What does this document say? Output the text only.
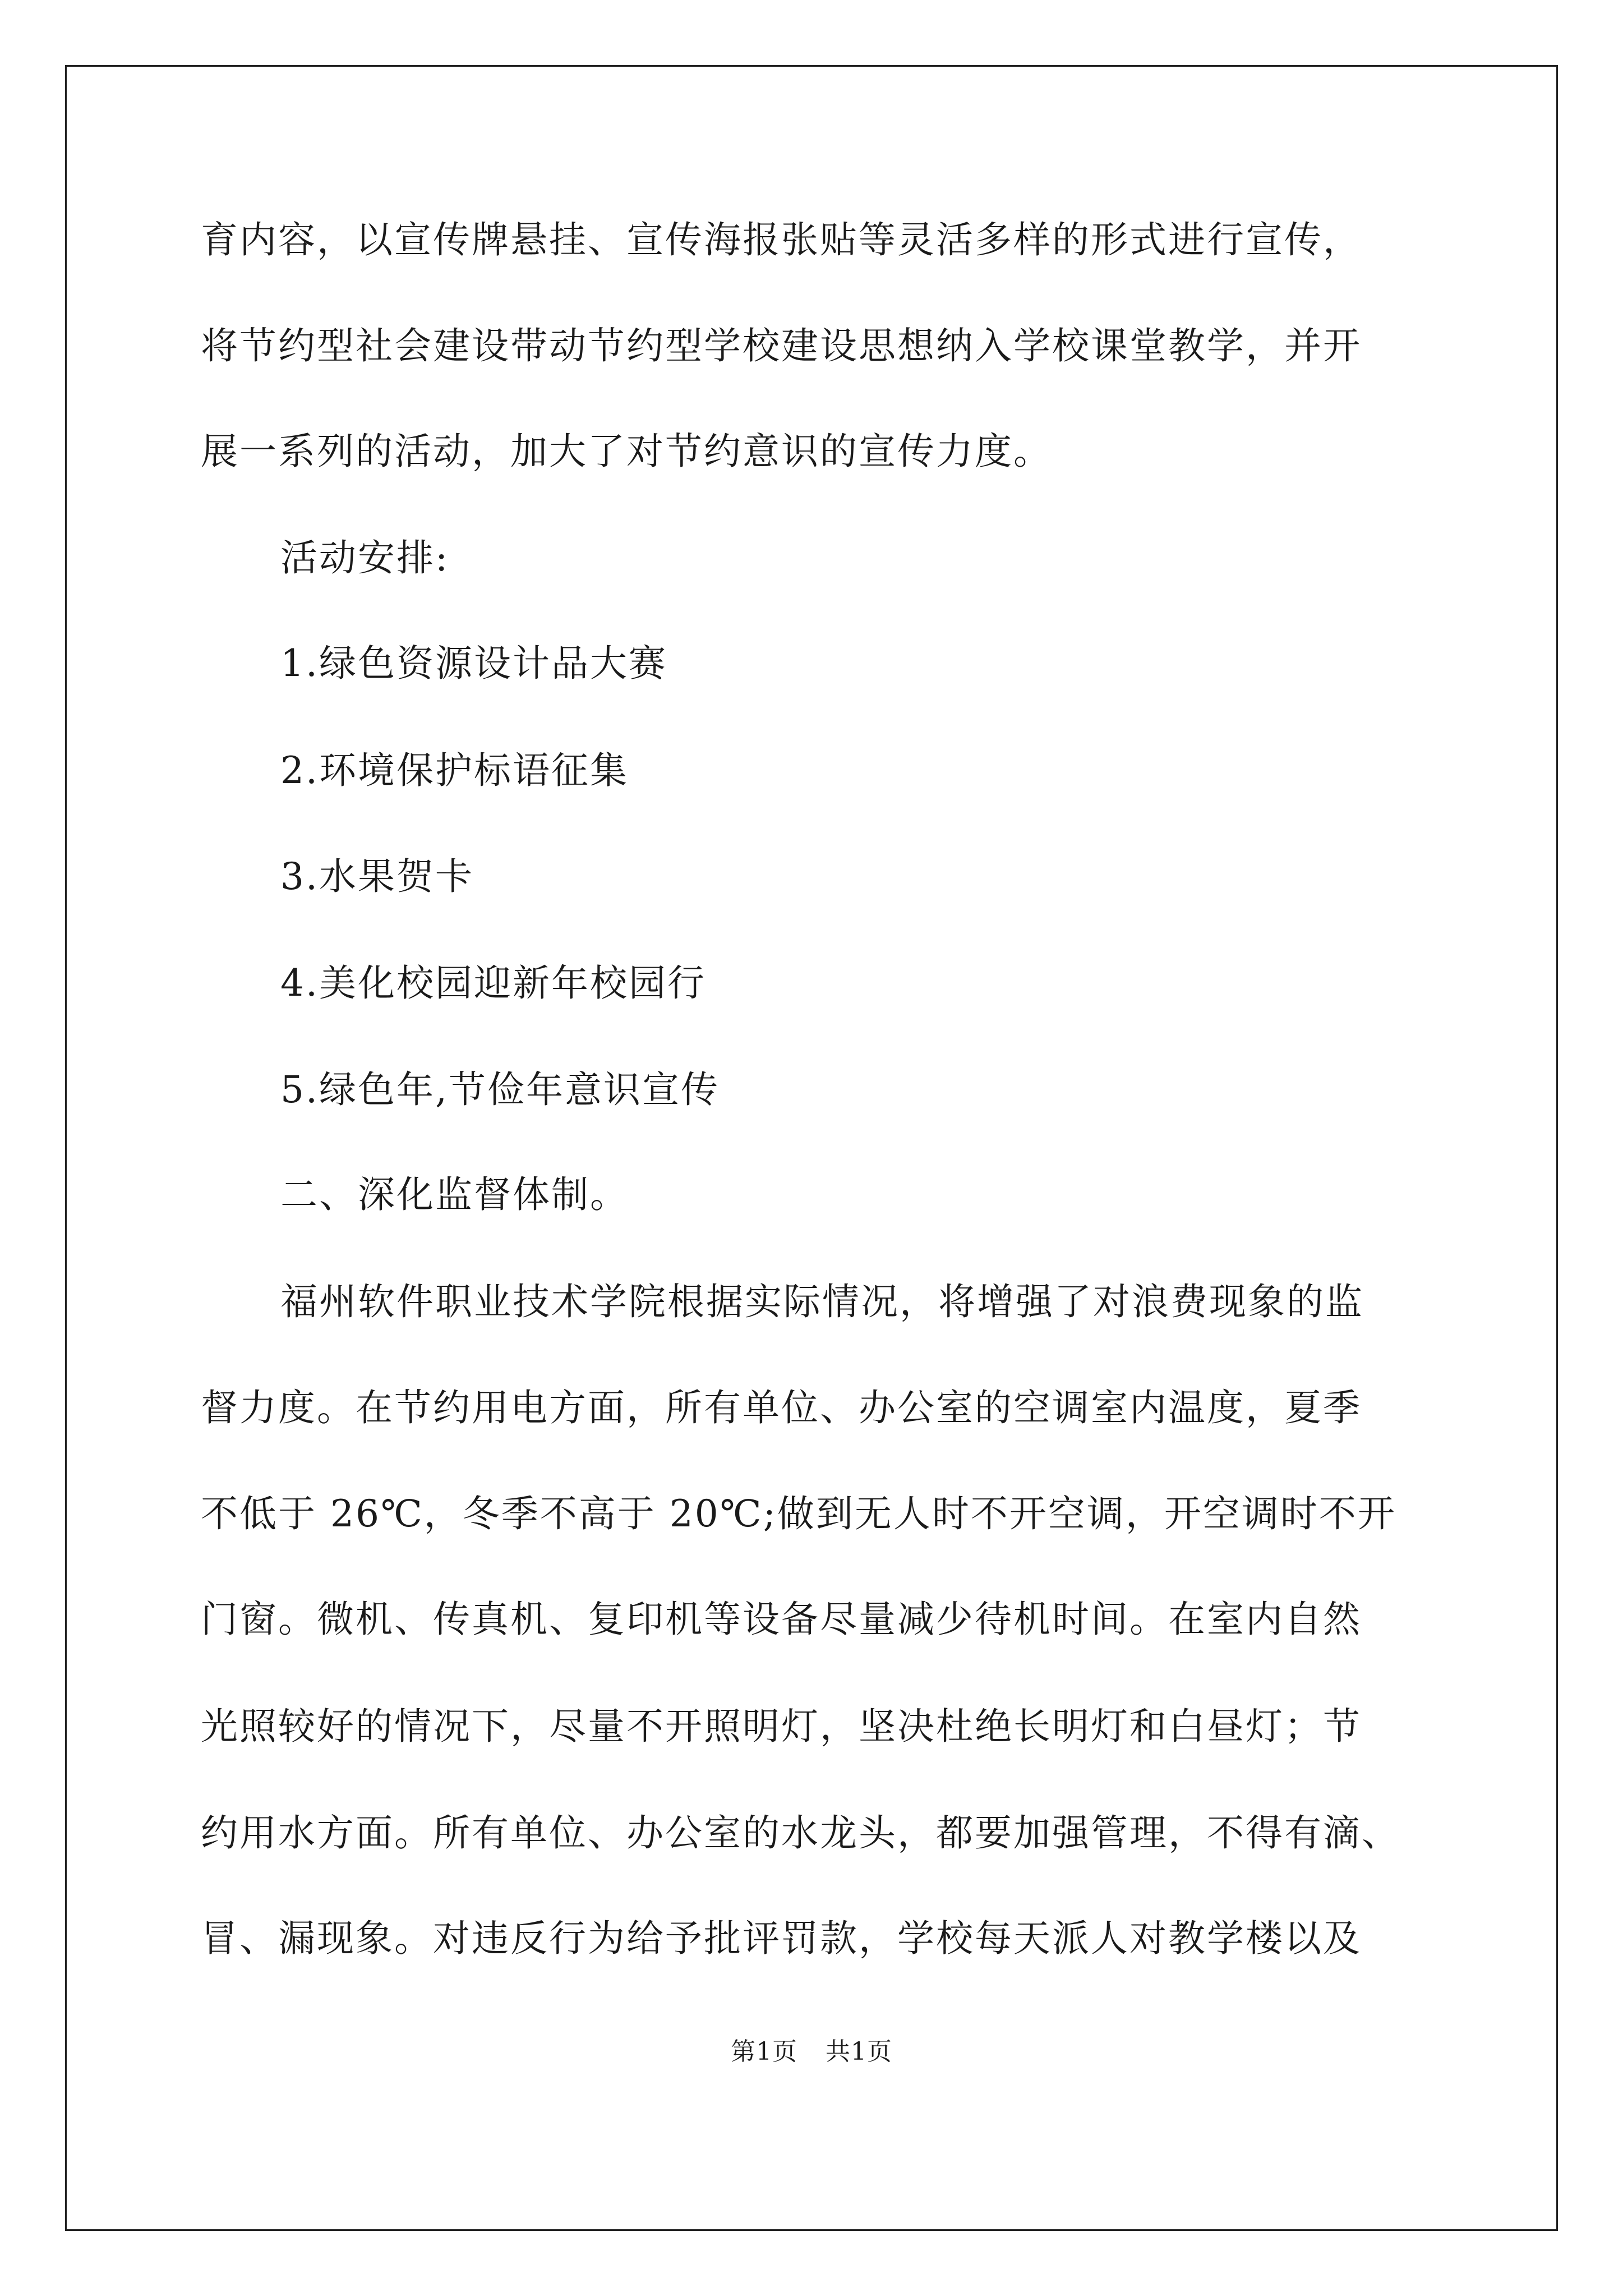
育内容，以宣传牌悬挂、宣传海报张贴等灵活多样的形式进行宣传，
将节约型社会建设带动节约型学校建设思想纳入学校课堂教学，并开
展一系列的活动，加大了对节约意识的宣传力度。
活动安排:
1.绿色资源设计品大赛
2.环境保护标语征集
3.水果贺卡
4.美化校园迎新年校园行
5.绿色年,节俭年意识宣传
二、深化监督体制。
福州软件职业技术学院根据实际情况，将增强了对浪费现象的监
督力度。在节约用电方面，所有单位、办公室的空调室内温度，夏季
不低于 26℃，冬季不高于 20℃;做到无人时不开空调，开空调时不开
门窗。微机、传真机、复印机等设备尽量减少待机时间。在室内自然
光照较好的情况下，尽量不开照明灯，坚决杜绝长明灯和白昼灯；节
约用水方面。所有单位、办公室的水龙头，都要加强管理，不得有滴、
冒、漏现象。对违反行为给予批评罚款，学校每天派人对教学楼以及
第1页 共1页
